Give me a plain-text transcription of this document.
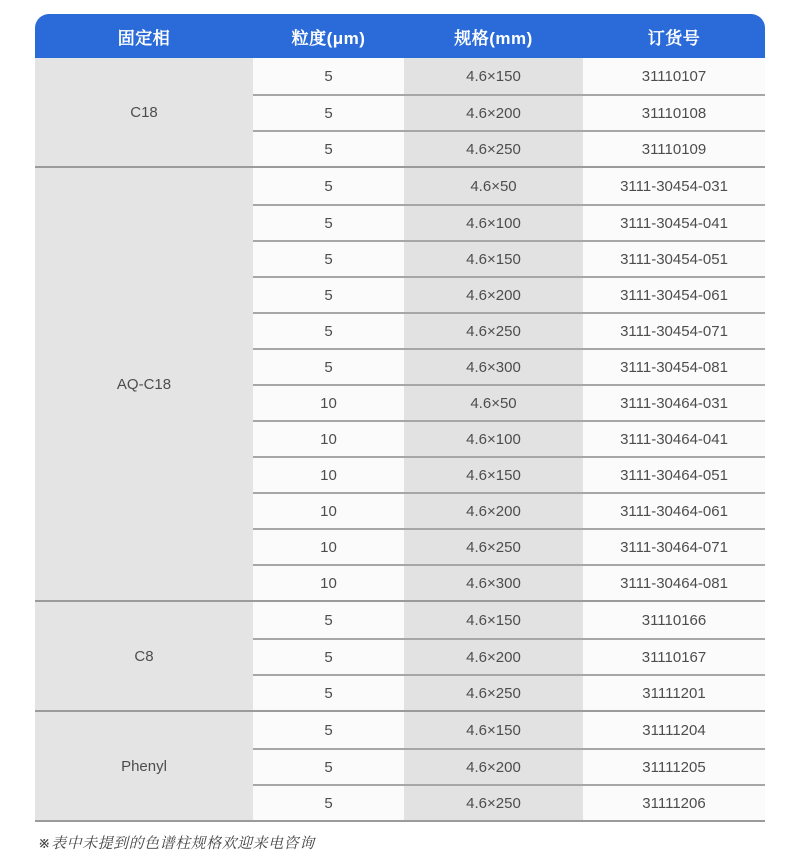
固定相	粒度(μm)	规格(mm)	订货号
C18
5	4.6×150	31110107
5	4.6×200	31110108
5	4.6×250	31110109
AQ-C18
5	4.6×50	3111-30454-031
5	4.6×100	3111-30454-041
5	4.6×150	3111-30454-051
5	4.6×200	3111-30454-061
5	4.6×250	3111-30454-071
5	4.6×300	3111-30454-081
10	4.6×50	3111-30464-031
10	4.6×100	3111-30464-041
10	4.6×150	3111-30464-051
10	4.6×200	3111-30464-061
10	4.6×250	3111-30464-071
10	4.6×300	3111-30464-081
C8
5	4.6×150	31110166
5	4.6×200	31110167
5	4.6×250	31111201
Phenyl
5	4.6×150	31111204
5	4.6×200	31111205
5	4.6×250	31111206
※表中未提到的色谱柱规格欢迎来电咨询
